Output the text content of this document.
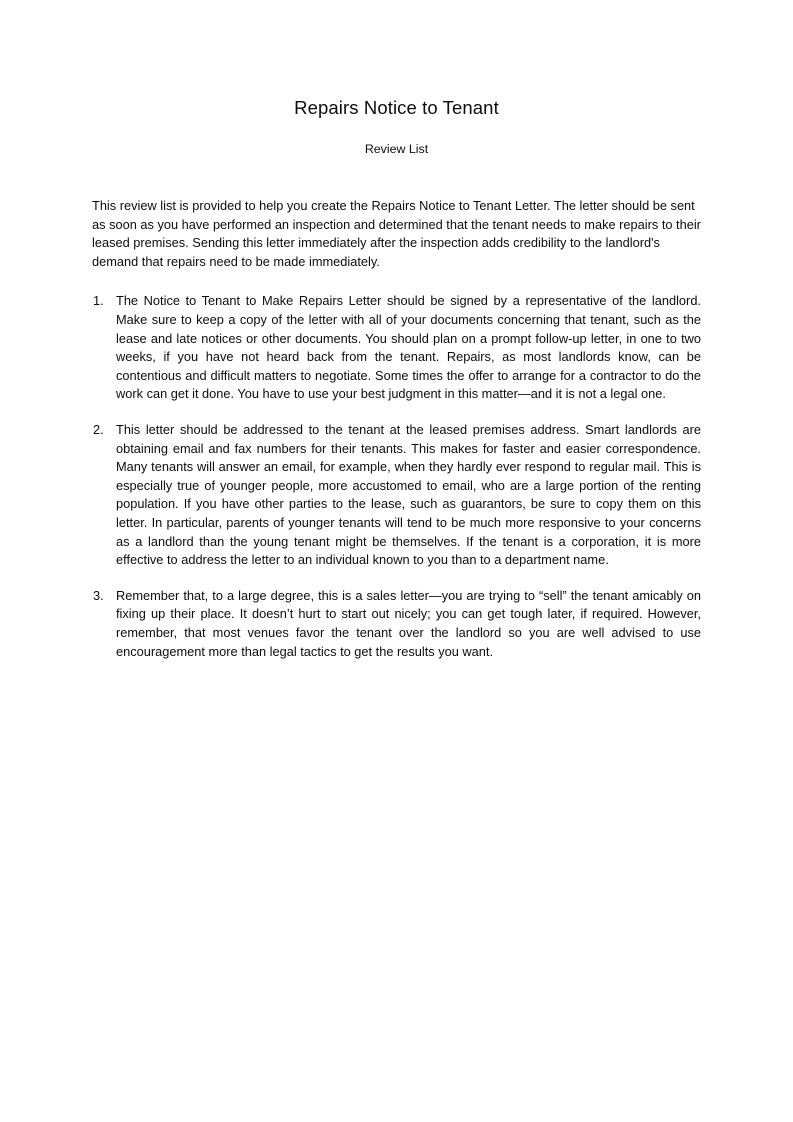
Repairs Notice to Tenant
Review List

This review list is provided to help you create the Repairs Notice to Tenant Letter. The letter should be sent as soon as you have performed an inspection and determined that the tenant needs to make repairs to their leased premises. Sending this letter immediately after the inspection adds credibility to the landlord's demand that repairs need to be made immediately.

1. The Notice to Tenant to Make Repairs Letter should be signed by a representative of the landlord. Make sure to keep a copy of the letter with all of your documents concerning that tenant, such as the lease and late notices or other documents. You should plan on a prompt follow-up letter, in one to two weeks, if you have not heard back from the tenant. Repairs, as most landlords know, can be contentious and difficult matters to negotiate. Some times the offer to arrange for a contractor to do the work can get it done. You have to use your best judgment in this matter—and it is not a legal one.
2. This letter should be addressed to the tenant at the leased premises address. Smart landlords are obtaining email and fax numbers for their tenants. This makes for faster and easier correspondence. Many tenants will answer an email, for example, when they hardly ever respond to regular mail. This is especially true of younger people, more accustomed to email, who are a large portion of the renting population. If you have other parties to the lease, such as guarantors, be sure to copy them on this letter. In particular, parents of younger tenants will tend to be much more responsive to your concerns as a landlord than the young tenant might be themselves. If the tenant is a corporation, it is more effective to address the letter to an individual known to you than to a department name.
3. Remember that, to a large degree, this is a sales letter—you are trying to “sell” the tenant amicably on fixing up their place. It doesn’t hurt to start out nicely; you can get tough later, if required. However, remember, that most venues favor the tenant over the landlord so you are well advised to use encouragement more than legal tactics to get the results you want.
